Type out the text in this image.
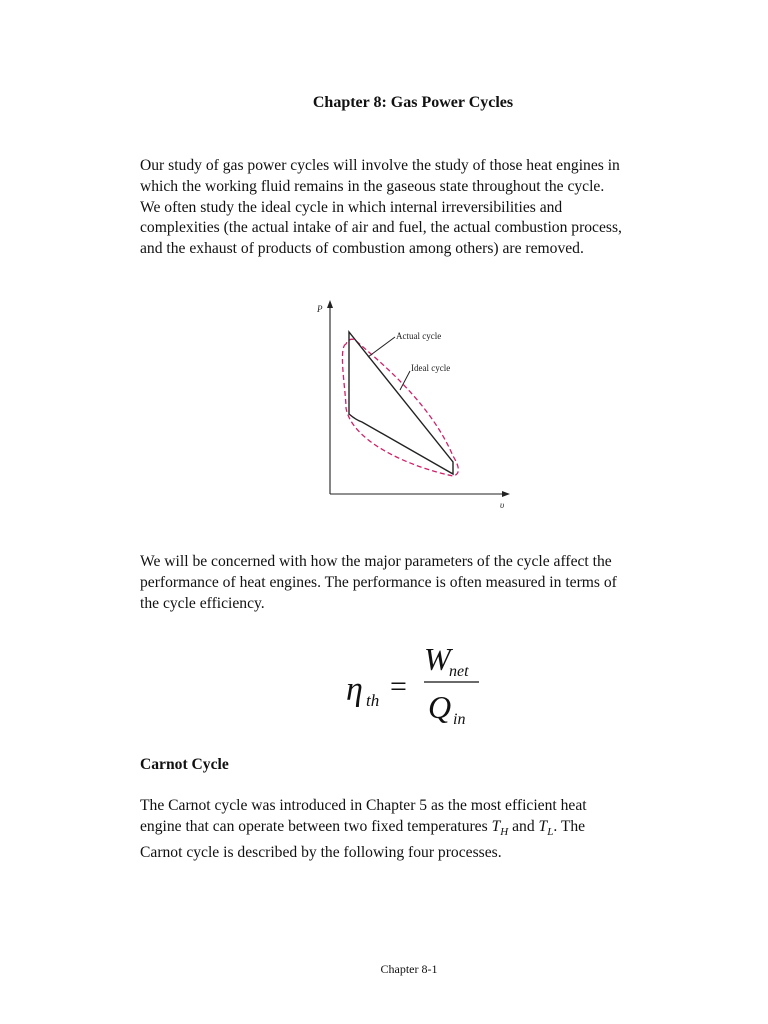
Chapter 8: Gas Power Cycles
Our study of gas power cycles will involve the study of those heat engines in
which the working fluid remains in the gaseous state throughout the cycle.
We often study the ideal cycle in which internal irreversibilities and
complexities (the actual intake of air and fuel, the actual combustion process,
and the exhaust of products of combustion among others) are removed.
P
υ
Actual cycle
Ideal cycle
We will be concerned with how the major parameters of the cycle affect the
performance of heat engines. The performance is often measured in terms of
the cycle efficiency.
η th =
W
net
Q in
Carnot Cycle
The Carnot cycle was introduced in Chapter 5 as the most efficient heat
engine that can operate between two fixed temperatures $T_H$ and $T_L$. The
Carnot cycle is described by the following four processes.
Chapter 8-1
